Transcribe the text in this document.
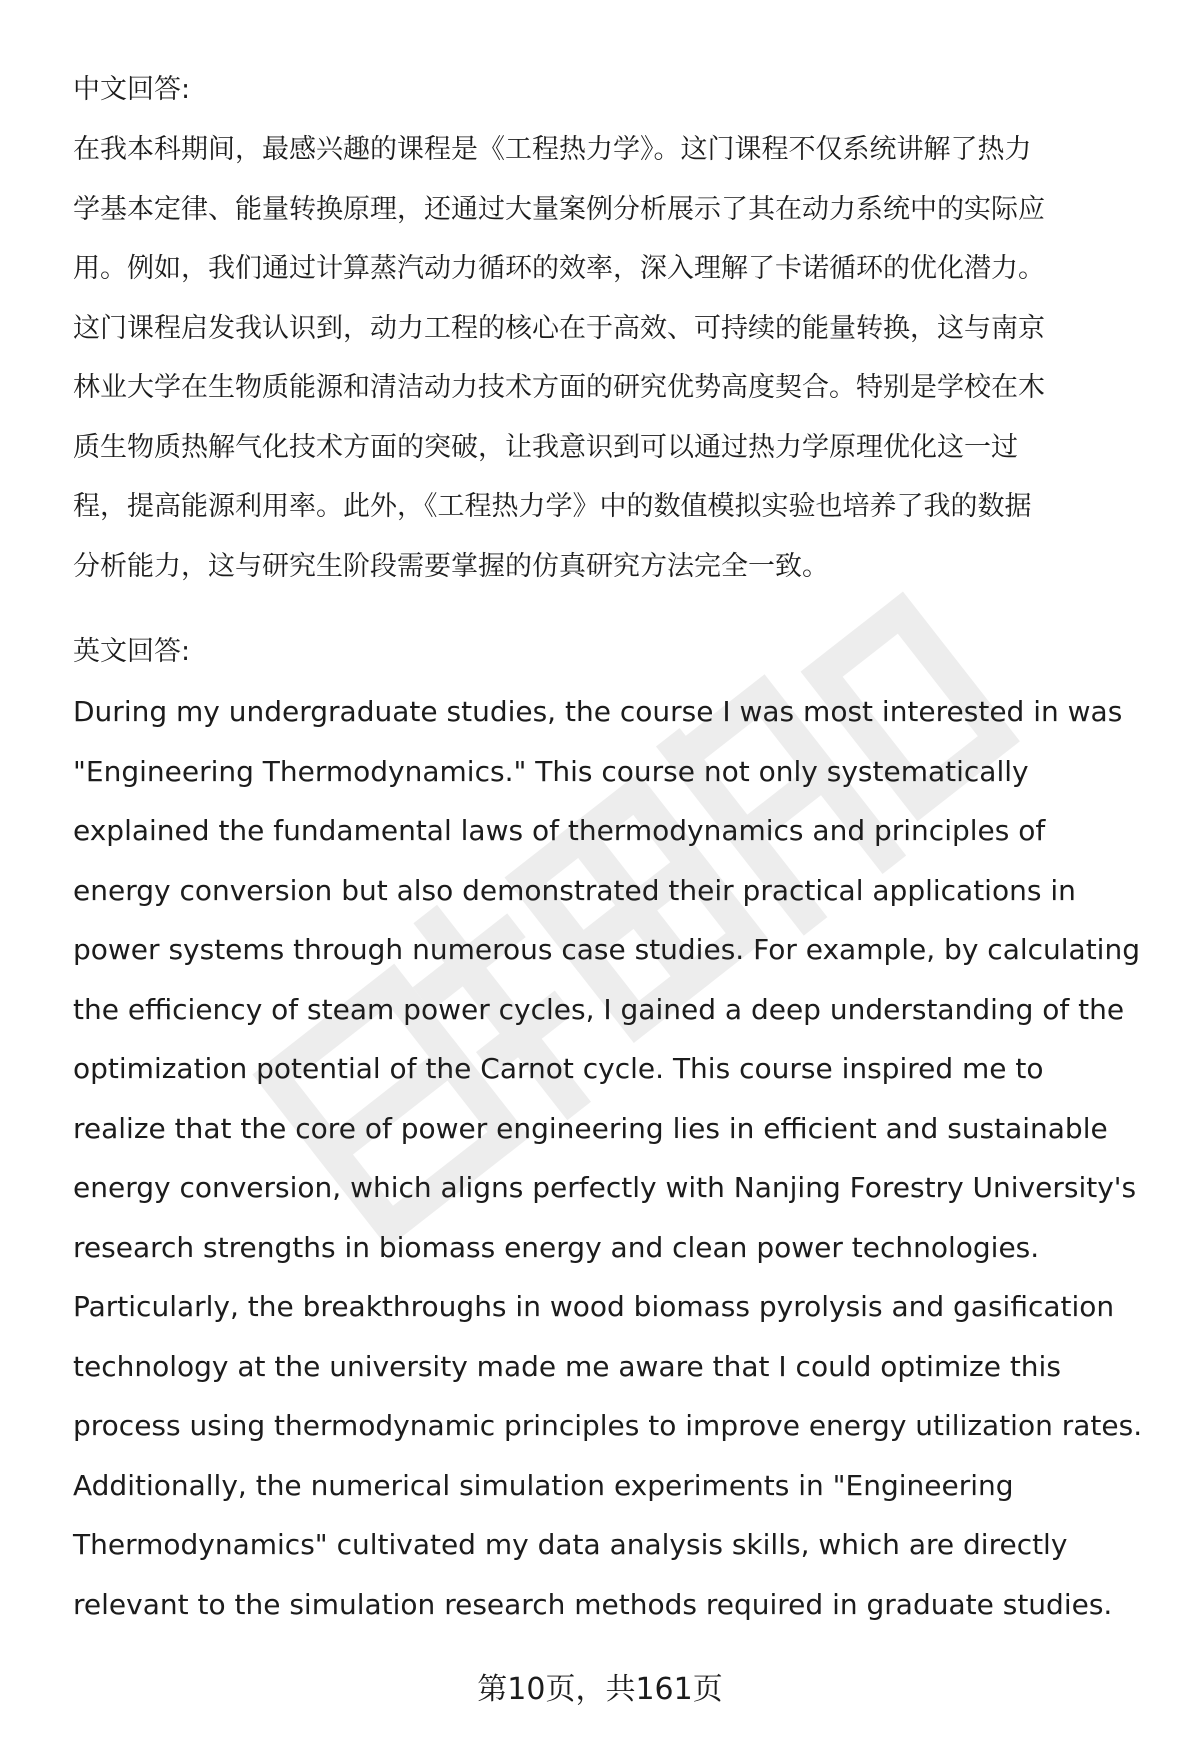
中文回答:

在我本科期间，最感兴趣的课程是《工程热力学》。这门课程不仅系统讲解了热力
学基本定律、能量转换原理，还通过大量案例分析展示了其在动力系统中的实际应
用。例如，我们通过计算蒸汽动力循环的效率，深入理解了卡诺循环的优化潜力。
这门课程启发我认识到，动力工程的核心在于高效、可持续的能量转换，这与南京
林业大学在生物质能源和清洁动力技术方面的研究优势高度契合。特别是学校在木
质生物质热解气化技术方面的突破，让我意识到可以通过热力学原理优化这一过
程，提高能源利用率。此外，《工程热力学》中的数值模拟实验也培养了我的数据
分析能力，这与研究生阶段需要掌握的仿真研究方法完全一致。

英文回答:

During my undergraduate studies, the course I was most interested in was
"Engineering Thermodynamics." This course not only systematically
explained the fundamental laws of thermodynamics and principles of
energy conversion but also demonstrated their practical applications in
power systems through numerous case studies. For example, by calculating
the efficiency of steam power cycles, I gained a deep understanding of the
optimization potential of the Carnot cycle. This course inspired me to
realize that the core of power engineering lies in efficient and sustainable
energy conversion, which aligns perfectly with Nanjing Forestry University's
research strengths in biomass energy and clean power technologies.
Particularly, the breakthroughs in wood biomass pyrolysis and gasification
technology at the university made me aware that I could optimize this
process using thermodynamic principles to improve energy utilization rates.
Additionally, the numerical simulation experiments in "Engineering
Thermodynamics" cultivated my data analysis skills, which are directly
relevant to the simulation research methods required in graduate studies.

第10页，共161页
